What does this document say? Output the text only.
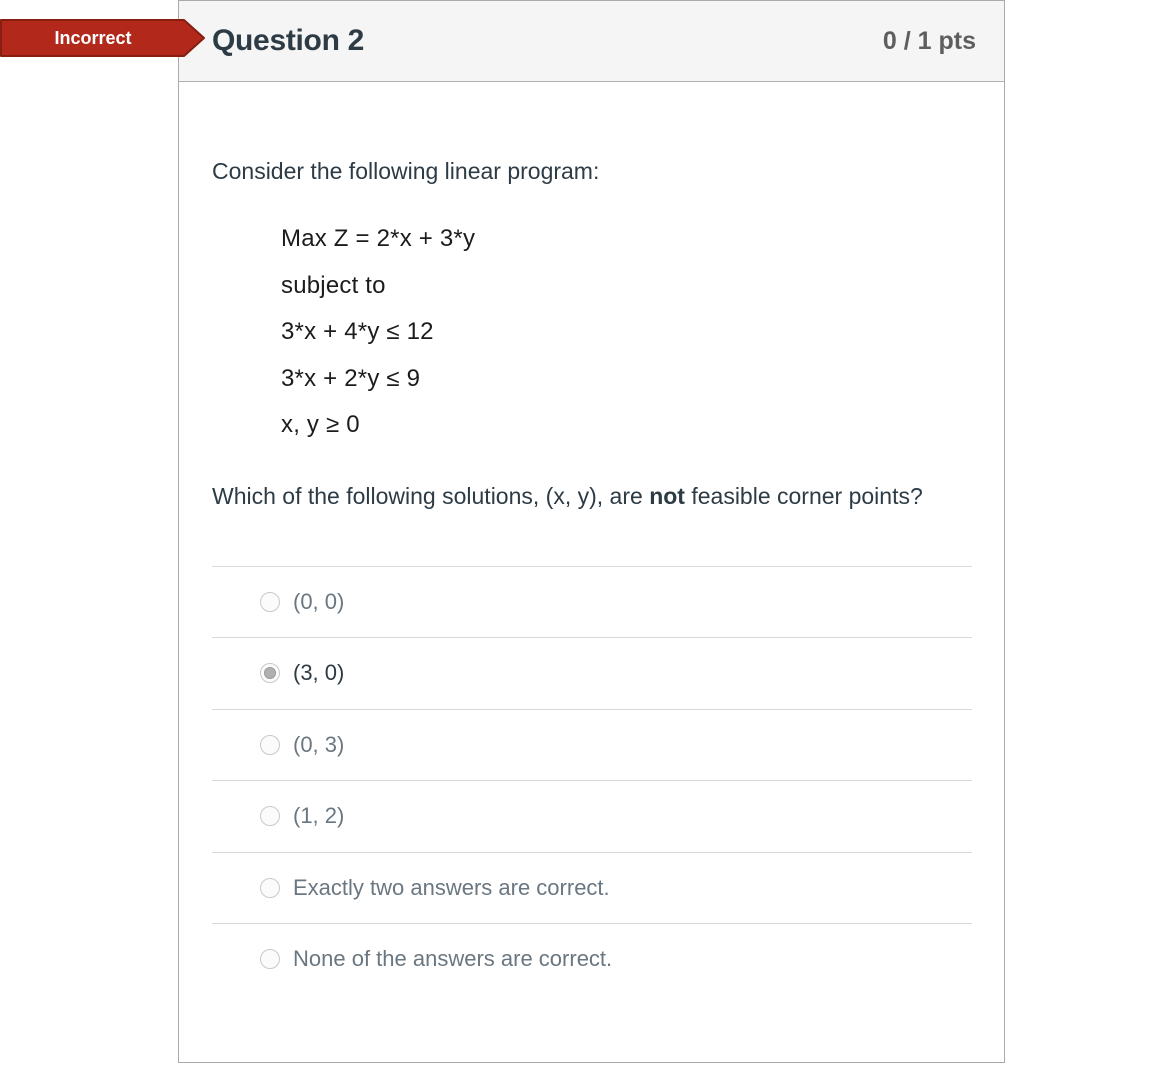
Incorrect	Question 2	0 / 1 pts
Consider the following linear program:
Max Z = 2*x + 3*y
subject to
3*x + 4*y ≤ 12
3*x + 2*y ≤ 9
x, y ≥ 0
Which of the following solutions, (x, y), are not feasible corner points?
(0, 0)
(3, 0)
(0, 3)
(1, 2)
Exactly two answers are correct.
None of the answers are correct.
